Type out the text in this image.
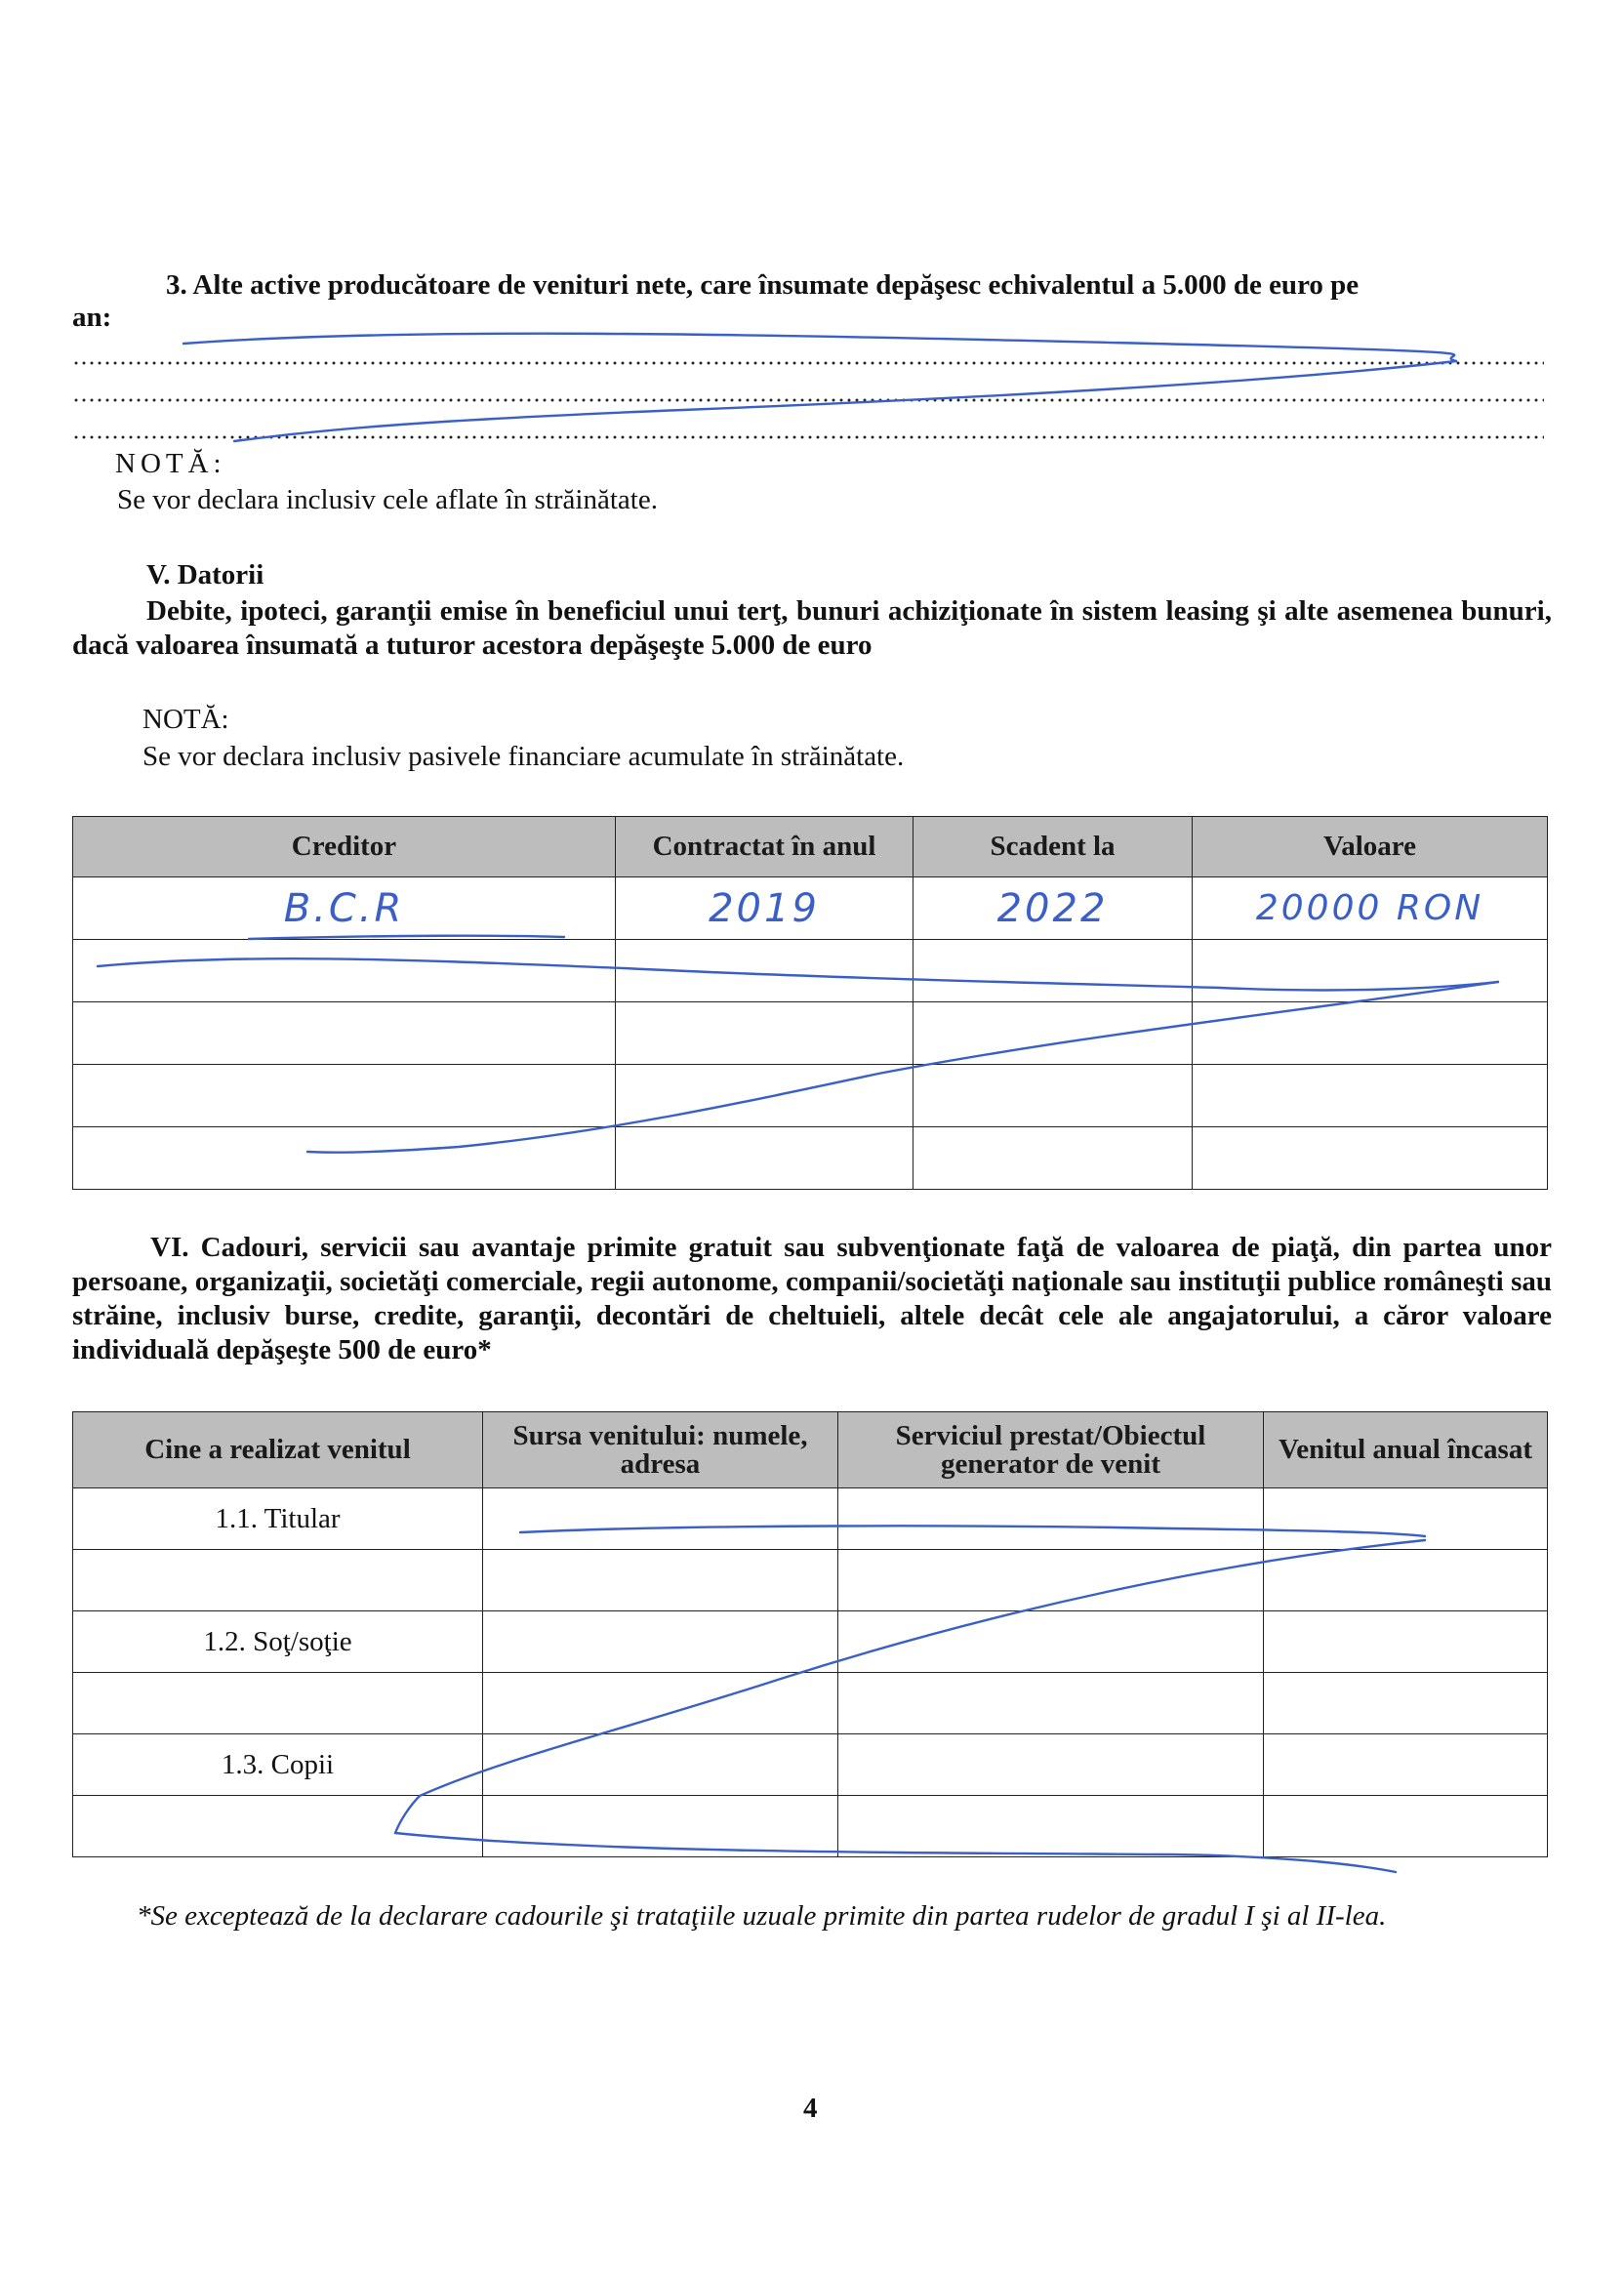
3. Alte active producătoare de venituri nete, care însumate depăşesc echivalentul a 5.000 de euro pe
an:
NOTĂ:
Se vor declara inclusiv cele aflate în străinătate.
V. Datorii
Debite, ipoteci, garanţii emise în beneficiul unui terţ, bunuri achiziţionate în sistem leasing şi alte asemenea bunuri, dacă valoarea însumată a tuturor acestora depăşeşte 5.000 de euro
NOTĂ:
Se vor declara inclusiv pasivele financiare acumulate în străinătate.
Creditor	Contractat în anul	Scadent la	Valoare
B.C.R	2019	2022	20000 RON

VI. Cadouri, servicii sau avantaje primite gratuit sau subvenţionate faţă de valoarea de piaţă, din partea unor persoane, organizaţii, societăţi comerciale, regii autonome, companii/societăţi naţionale sau instituţii publice româneşti sau străine, inclusiv burse, credite, garanţii, decontări de cheltuieli, altele decât cele ale angajatorului, a căror valoare individuală depăşeşte 500 de euro*
Cine a realizat venitul	Sursa venitului: numele, adresa	Serviciul prestat/Obiectul generator de venit	Venitul anual încasat
1.1. Titular			

1.2. Soţ/soţie			

1.3. Copii			

*Se exceptează de la declarare cadourile şi trataţiile uzuale primite din partea rudelor de gradul I şi al II-lea.
4
